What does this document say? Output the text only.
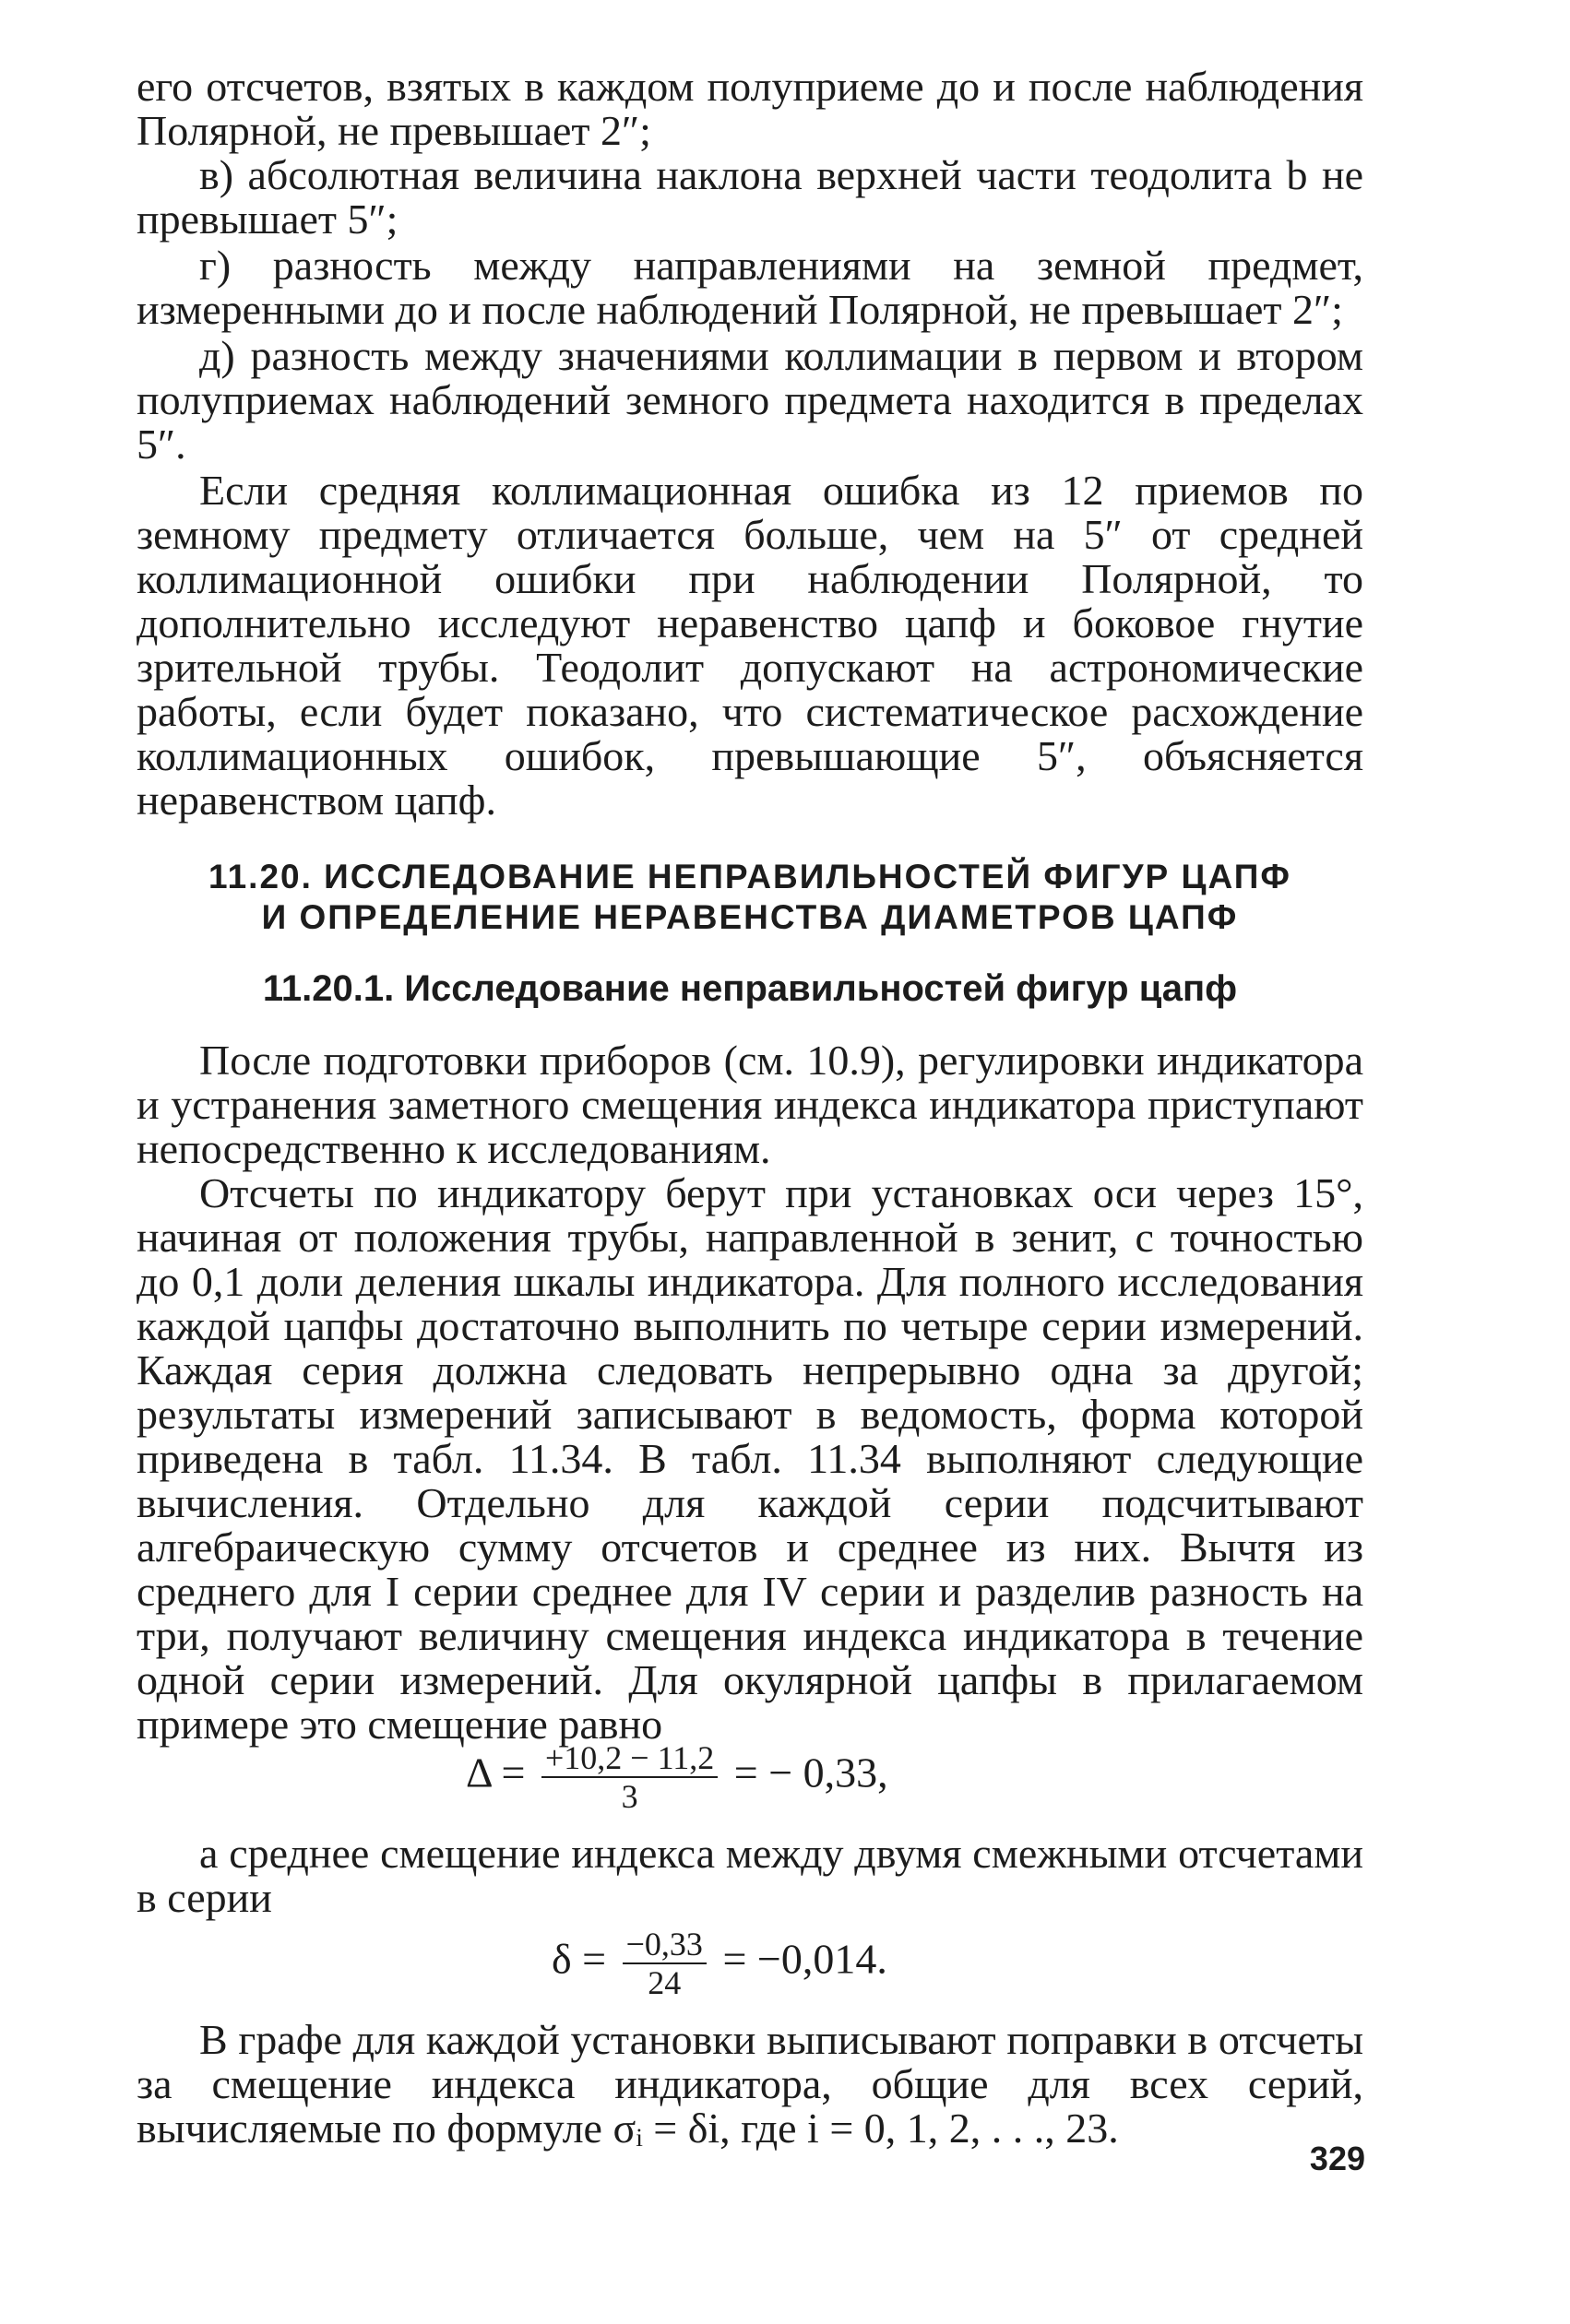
его отсчетов, взятых в каждом полуприеме до и после наблюдения Полярной, не превышает 2″;

в) абсолютная величина наклона верхней части теодолита b не превышает 5″;

г) разность между направлениями на земной предмет, измеренными до и после наблюдений Полярной, не превышает 2″;

д) разность между значениями коллимации в первом и втором полуприемах наблюдений земного предмета находится в пределах 5″.

Если средняя коллимационная ошибка из 12 приемов по земному предмету отличается больше, чем на 5″ от средней коллимационной ошибки при наблюдении Полярной, то дополнительно исследуют неравенство цапф и боковое гнутие зрительной трубы. Теодолит допускают на астрономические работы, если будет показано, что систематическое расхождение коллимационных ошибок, превышающие 5″, объясняется неравенством цапф.

11.20. ИССЛЕДОВАНИЕ НЕПРАВИЛЬНОСТЕЙ ФИГУР ЦАПФ
И ОПРЕДЕЛЕНИЕ НЕРАВЕНСТВА ДИАМЕТРОВ ЦАПФ
11.20.1. Исследование неправильностей фигур цапф

После подготовки приборов (см. 10.9), регулировки индикатора и устранения заметного смещения индекса индикатора приступают непосредственно к исследованиям.

Отсчеты по индикатору берут при установках оси через 15°, начиная от положения трубы, направленной в зенит, с точностью до 0,1 доли деления шкалы индикатора. Для полного исследования каждой цапфы достаточно выполнить по четыре серии измерений. Каждая серия должна следовать непрерывно одна за другой; результаты измерений записывают в ведомость, форма которой приведена в табл. 11.34. В табл. 11.34 выполняют следующие вычисления. Отдельно для каждой серии подсчитывают алгебраическую сумму отсчетов и среднее из них. Вычтя из среднего для I серии среднее для IV серии и разделив разность на три, получают величину смещения индекса индикатора в течение одной серии измерений. Для окулярной цапфы в прилагаемом примере это смещение равно

$\Delta = \frac{+10,2 - 11,2}{3}$ = − 0,33,

а среднее смещение индекса между двумя смежными отсчетами в серии

$\delta = \frac{-0,33}{24} = -0,014$.

В графе для каждой установки выписывают поправки в отсчеты за смещение индекса индикатора, общие для всех серий, вычисляемые по формуле σᵢ = δi, где i = 0, 1, 2, . . ., 23.

329
